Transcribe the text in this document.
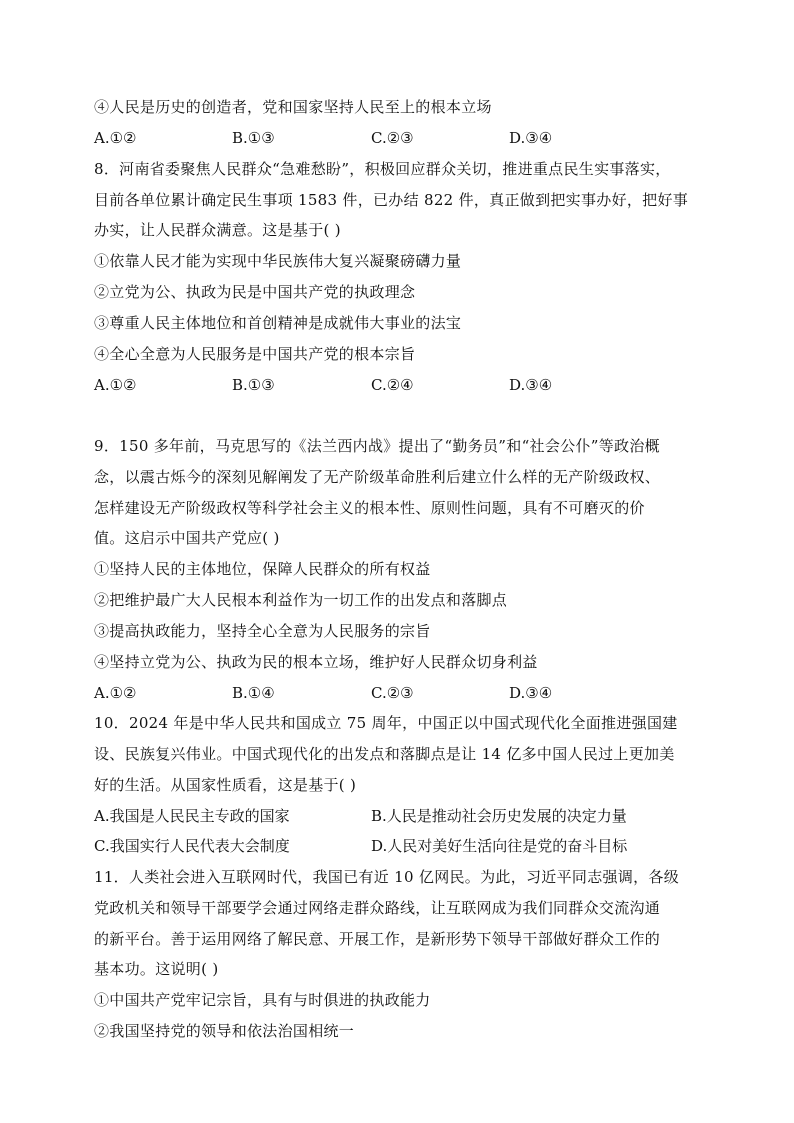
④人民是历史的创造者，党和国家坚持人民至上的根本立场
A.①②	B.①③	C.②③	D.③④
8．河南省委聚焦人民群众“急难愁盼”，积极回应群众关切，推进重点民生实事落实，
目前各单位累计确定民生事项 1583 件，已办结 822 件，真正做到把实事办好，把好事
办实，让人民群众满意。这是基于( )
①依靠人民才能为实现中华民族伟大复兴凝聚磅礴力量
②立党为公、执政为民是中国共产党的执政理念
③尊重人民主体地位和首创精神是成就伟大事业的法宝
④全心全意为人民服务是中国共产党的根本宗旨
A.①②	B.①③	C.②④	D.③④
9．150 多年前，马克思写的《法兰西内战》提出了“勤务员”和“社会公仆”等政治概
念，以震古烁今的深刻见解阐发了无产阶级革命胜利后建立什么样的无产阶级政权、
怎样建设无产阶级政权等科学社会主义的根本性、原则性问题，具有不可磨灭的价
值。这启示中国共产党应( )
①坚持人民的主体地位，保障人民群众的所有权益
②把维护最广大人民根本利益作为一切工作的出发点和落脚点
③提高执政能力，坚持全心全意为人民服务的宗旨
④坚持立党为公、执政为民的根本立场，维护好人民群众切身利益
A.①②	B.①④	C.②③	D.③④
10．2024 年是中华人民共和国成立 75 周年，中国正以中国式现代化全面推进强国建
设、民族复兴伟业。中国式现代化的出发点和落脚点是让 14 亿多中国人民过上更加美
好的生活。从国家性质看，这是基于( )
A.我国是人民民主专政的国家	B.人民是推动社会历史发展的决定力量
C.我国实行人民代表大会制度	D.人民对美好生活向往是党的奋斗目标
11．人类社会进入互联网时代，我国已有近 10 亿网民。为此，习近平同志强调，各级
党政机关和领导干部要学会通过网络走群众路线，让互联网成为我们同群众交流沟通
的新平台。善于运用网络了解民意、开展工作，是新形势下领导干部做好群众工作的
基本功。这说明( )
①中国共产党牢记宗旨，具有与时俱进的执政能力
②我国坚持党的领导和依法治国相统一
